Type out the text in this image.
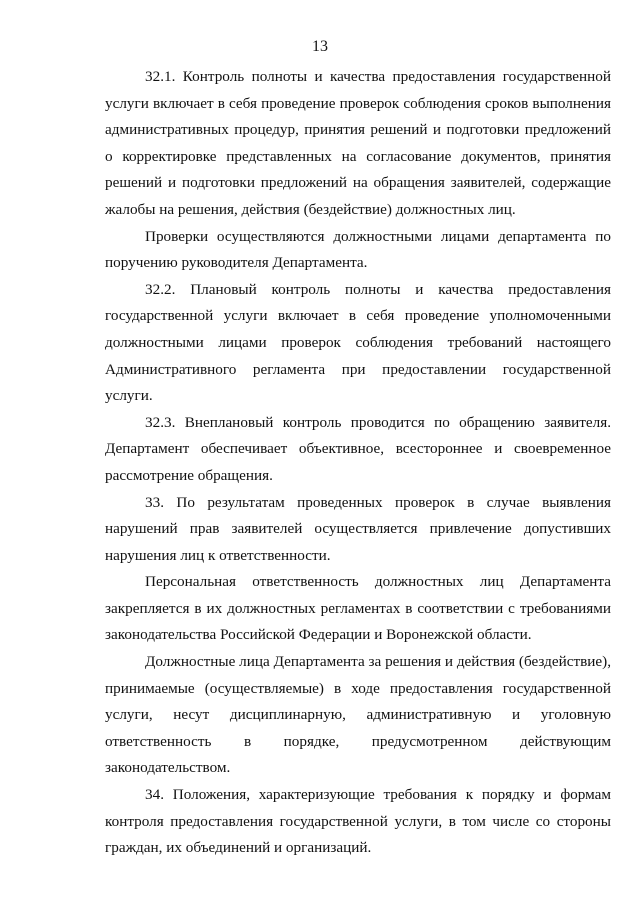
13

32.1. Контроль полноты и качества предоставления государственной услуги включает в себя проведение проверок соблюдения сроков выполнения административных процедур, принятия решений и подготовки предложений о корректировке представленных на согласование документов, принятия решений и подготовки предложений на обращения заявителей, содержащие жалобы на решения, действия (бездействие) должностных лиц.

Проверки осуществляются должностными лицами департамента по поручению руководителя Департамента.

32.2. Плановый контроль полноты и качества предоставления государственной услуги включает в себя проведение уполномоченными должностными лицами проверок соблюдения требований настоящего Административного регламента при предоставлении государственной услуги.

32.3. Внеплановый контроль проводится по обращению заявителя. Департамент обеспечивает объективное, всестороннее и своевременное рассмотрение обращения.

33. По результатам проведенных проверок в случае выявления нарушений прав заявителей осуществляется привлечение допустивших нарушения лиц к ответственности.

Персональная ответственность должностных лиц Департамента закрепляется в их должностных регламентах в соответствии с требованиями законодательства Российской Федерации и Воронежской области.

Должностные лица Департамента за решения и действия (бездействие), принимаемые (осуществляемые) в ходе предоставления государственной услуги, несут дисциплинарную, административную и уголовную ответственность в порядке, предусмотренном действующим законодательством.

34. Положения, характеризующие требования к порядку и формам контроля предоставления государственной услуги, в том числе со стороны граждан, их объединений и организаций.
